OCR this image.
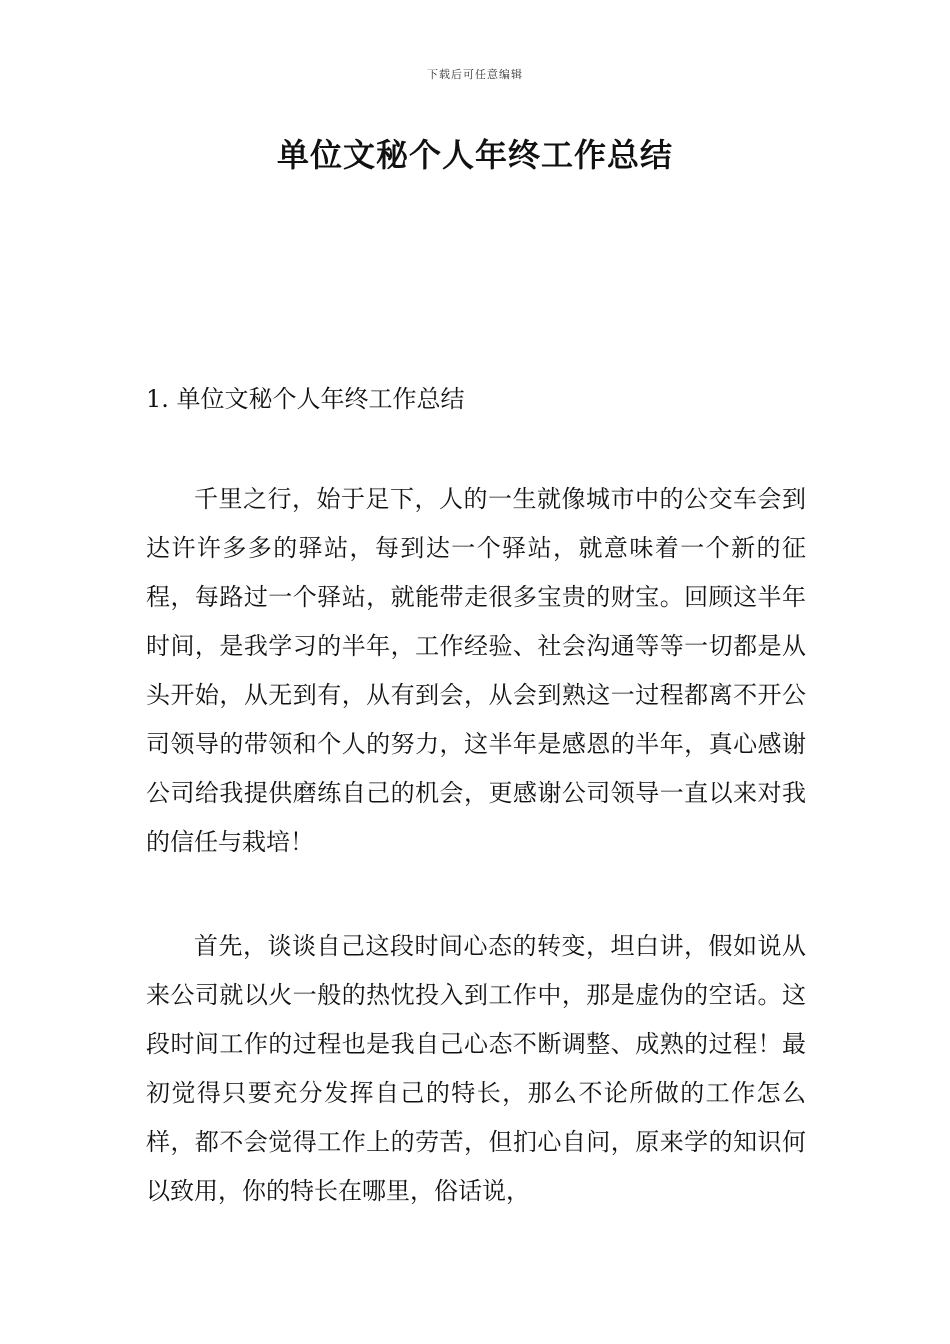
下载后可任意编辑
单位文秘个人年终工作总结

1. 单位文秘个人年终工作总结

千里之行，始于足下，人的一生就像城市中的公交车会到达许许多多的驿站，每到达一个驿站，就意味着一个新的征程，每路过一个驿站，就能带走很多宝贵的财宝。回顾这半年时间，是我学习的半年，工作经验、社会沟通等等一切都是从头开始，从无到有，从有到会，从会到熟这一过程都离不开公司领导的带领和个人的努力，这半年是感恩的半年，真心感谢公司给我提供磨练自己的机会，更感谢公司领导一直以来对我的信任与栽培！

首先，谈谈自己这段时间心态的转变，坦白讲，假如说从来公司就以火一般的热忱投入到工作中，那是虚伪的空话。这段时间工作的过程也是我自己心态不断调整、成熟的过程！最初觉得只要充分发挥自己的特长，那么不论所做的工作怎么样，都不会觉得工作上的劳苦，但扪心自问，原来学的知识何以致用，你的特长在哪里，俗话说，
